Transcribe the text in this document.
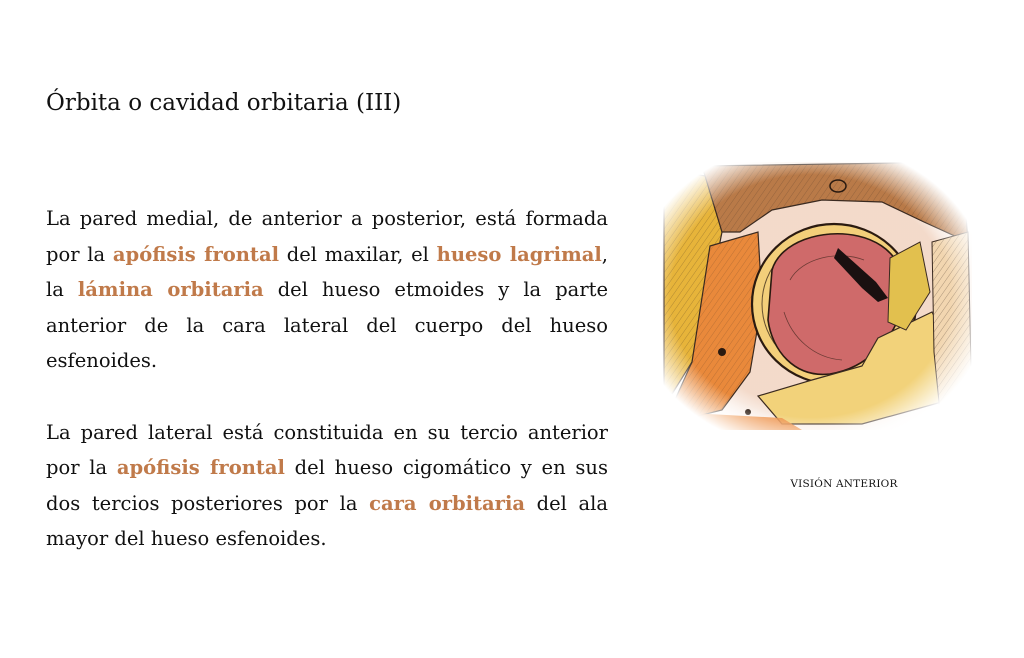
Órbita o cavidad orbitaria (III)

La pared medial, de anterior a posterior, está formada por la apófisis frontal del maxilar, el hueso lagrimal, la lámina orbitaria del hueso etmoides y la parte anterior de la cara lateral del cuerpo del hueso esfenoides.

La pared lateral está constituida en su tercio anterior por la apófisis frontal del hueso cigomático y en sus dos tercios posteriores por la cara orbitaria del ala mayor del hueso esfenoides.

VISIÓN ANTERIOR
